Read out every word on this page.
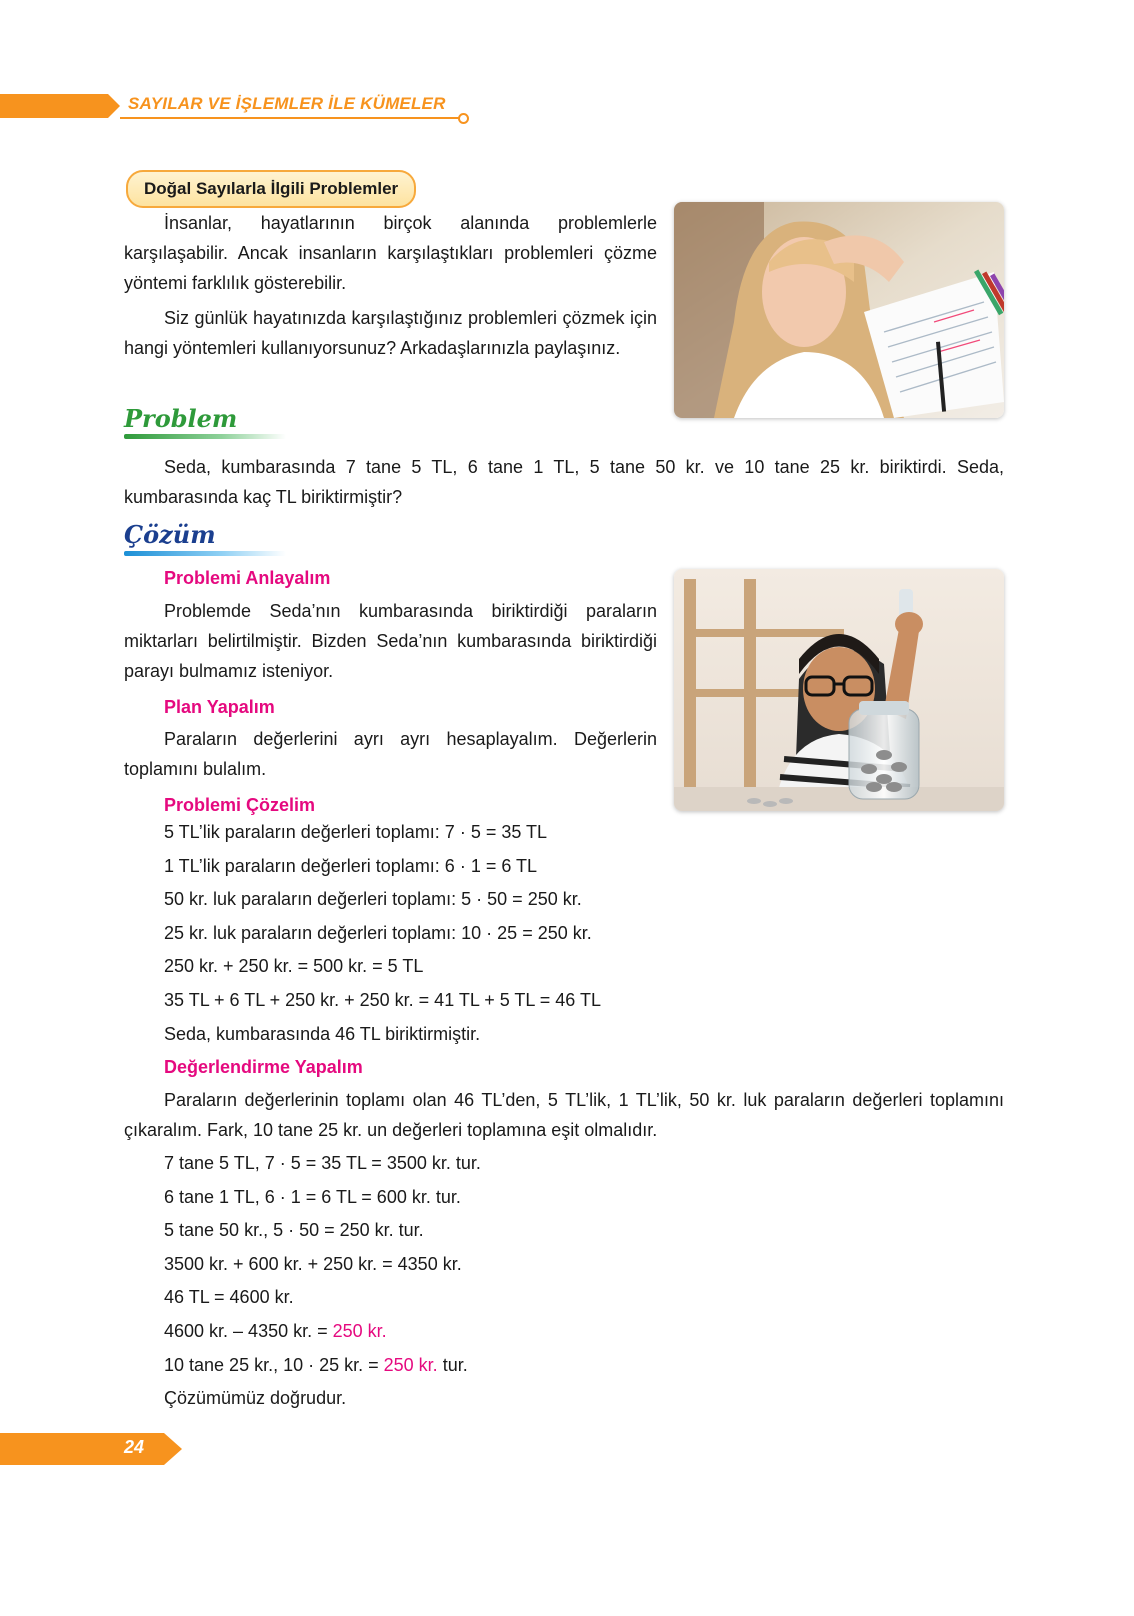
SAYILAR VE İŞLEMLER İLE KÜMELER
Doğal Sayılarla İlgili Problemler

İnsanlar, hayatlarının birçok alanında problemlerle karşılaşabilir. Ancak insanların karşılaştıkları problemleri çözme yöntemi farklılık gösterebilir.

Siz günlük hayatınızda karşılaştığınız problemleri çözmek için hangi yöntemleri kullanıyorsunuz? Arkadaşlarınızla paylaşınız.

Problem

Seda, kumbarasında 7 tane 5 TL, 6 tane 1 TL, 5 tane 50 kr. ve 10 tane 25 kr. biriktirdi. Seda, kumbarasında kaç TL biriktirmiştir?

Çözüm
Problemi Anlayalım

Problemde Seda’nın kumbarasında biriktirdiği paraların miktarları belirtilmiştir. Bizden Seda’nın kumbarasında biriktirdiği parayı bulmamız isteniyor.

Plan Yapalım

Paraların değerlerini ayrı ayrı hesaplayalım. Değerlerin toplamını bulalım.

Problemi Çözelim
5 TL’lik paraların değerleri toplamı: 7 · 5 = 35 TL
1 TL’lik paraların değerleri toplamı: 6 · 1 = 6 TL
50 kr. luk paraların değerleri toplamı: 5 · 50 = 250 kr.
25 kr. luk paraların değerleri toplamı: 10 · 25 = 250 kr.
250 kr. + 250 kr. = 500 kr. = 5 TL
35 TL + 6 TL + 250 kr. + 250 kr. = 41 TL + 5 TL = 46 TL
Seda, kumbarasında 46 TL biriktirmiştir.
Değerlendirme Yapalım

Paraların değerlerinin toplamı olan 46 TL’den, 5 TL’lik, 1 TL’lik, 50 kr. luk paraların değerleri toplamını çıkaralım. Fark, 10 tane 25 kr. un değerleri toplamına eşit olmalıdır.

7 tane 5 TL, 7 · 5 = 35 TL = 3500 kr. tur.
6 tane 1 TL, 6 · 1 = 6 TL = 600 kr. tur.
5 tane 50 kr., 5 · 50 = 250 kr. tur.
3500 kr. + 600 kr. + 250 kr. = 4350 kr.
46 TL = 4600 kr.
4600 kr. – 4350 kr. = 250 kr.
10 tane 25 kr., 10 · 25 kr. = 250 kr. tur.
Çözümümüz doğrudur.
24
